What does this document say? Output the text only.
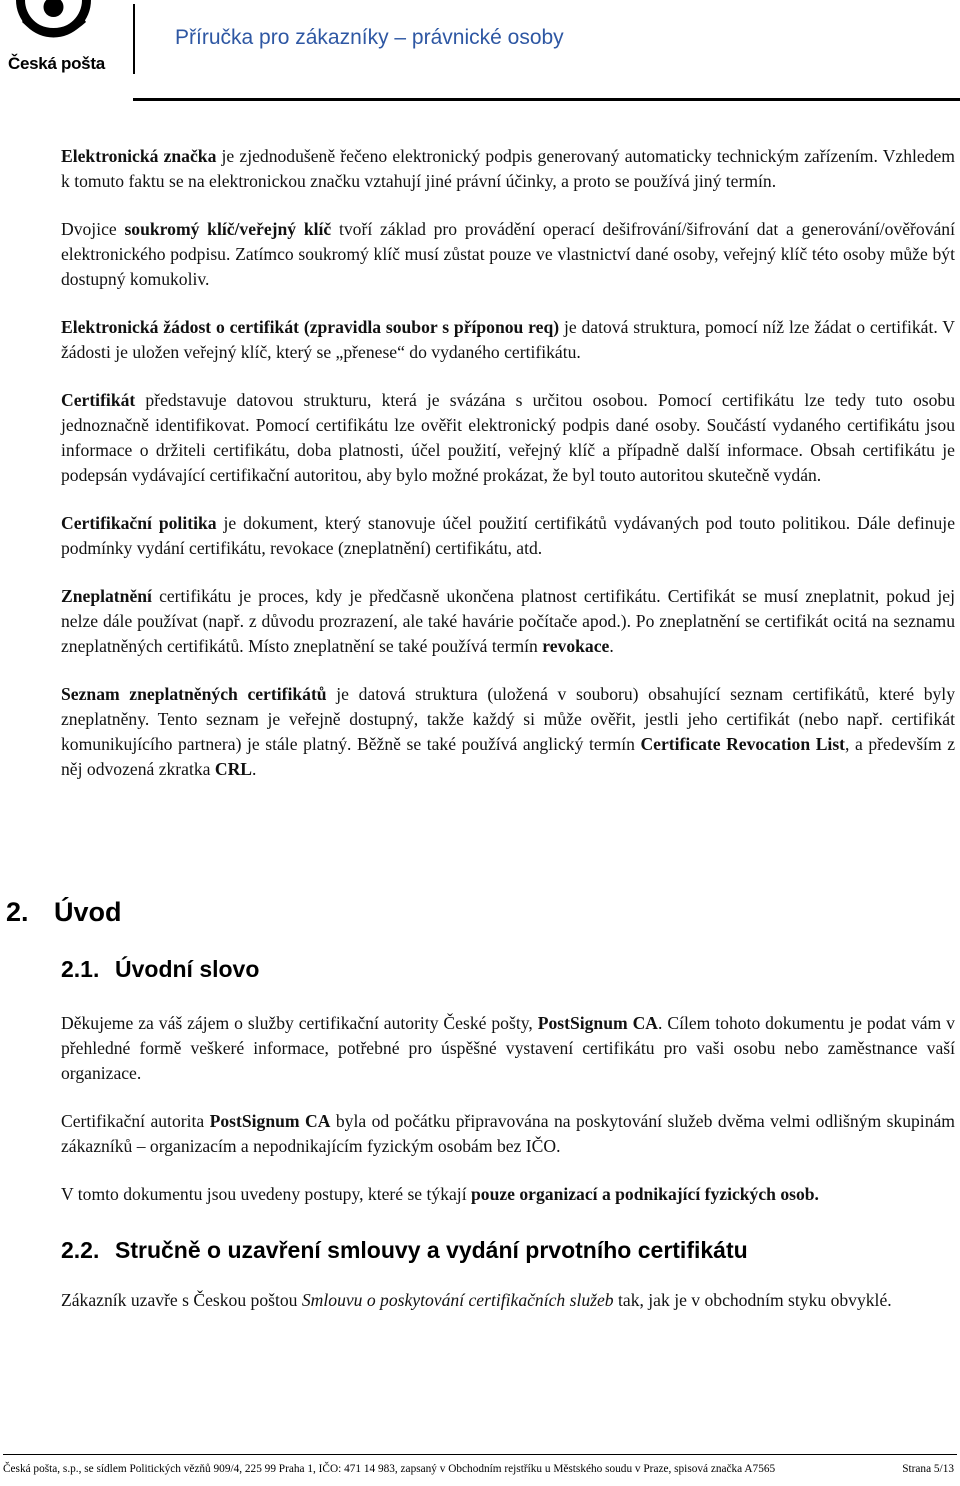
Česká pošta
Příručka pro zákazníky – právnické osoby

Elektronická značka je zjednodušeně řečeno elektronický podpis generovaný automaticky technickým zařízením. Vzhledem k tomuto faktu se na elektronickou značku vztahují jiné právní účinky, a proto se používá jiný termín.

Dvojice soukromý klíč/veřejný klíč tvoří základ pro provádění operací dešifrování/šifrování dat a generování/ověřování elektronického podpisu. Zatímco soukromý klíč musí zůstat pouze ve vlastnictví dané osoby, veřejný klíč této osoby může být dostupný komukoliv.

Elektronická žádost o certifikát (zpravidla soubor s příponou req) je datová struktura, pomocí níž lze žádat o certifikát. V žádosti je uložen veřejný klíč, který se „přenese“ do vydaného certifikátu.

Certifikát představuje datovou strukturu, která je svázána s určitou osobou. Pomocí certifikátu lze tedy tuto osobu jednoznačně identifikovat. Pomocí certifikátu lze ověřit elektronický podpis dané osoby. Součástí vydaného certifikátu jsou informace o držiteli certifikátu, doba platnosti, účel použití, veřejný klíč a případně další informace. Obsah certifikátu je podepsán vydávající certifikační autoritou, aby bylo možné prokázat, že byl touto autoritou skutečně vydán.

Certifikační politika je dokument, který stanovuje účel použití certifikátů vydávaných pod touto politikou. Dále definuje podmínky vydání certifikátu, revokace (zneplatnění) certifikátu, atd.

Zneplatnění certifikátu je proces, kdy je předčasně ukončena platnost certifikátu. Certifikát se musí zneplatnit, pokud jej nelze dále používat (např. z důvodu prozrazení, ale také havárie počítače apod.). Po zneplatnění se certifikát ocitá na seznamu zneplatněných certifikátů. Místo zneplatnění se také používá termín revokace.

Seznam zneplatněných certifikátů je datová struktura (uložená v souboru) obsahující seznam certifikátů, které byly zneplatněny. Tento seznam je veřejně dostupný, takže každý si může ověřit, jestli jeho certifikát (nebo např. certifikát komunikujícího partnera) je stále platný. Běžně se také používá anglický termín Certificate Revocation List, a především z něj odvozená zkratka CRL.

2. Úvod
2.1. Úvodní slovo

Děkujeme za váš zájem o služby certifikační autority České pošty, PostSignum CA. Cílem tohoto dokumentu je podat vám v přehledné formě veškeré informace, potřebné pro úspěšné vystavení certifikátu pro vaši osobu nebo zaměstnance vaší organizace.

Certifikační autorita PostSignum CA byla od počátku připravována na poskytování služeb dvěma velmi odlišným skupinám zákazníků – organizacím a nepodnikajícím fyzickým osobám bez IČO.

V tomto dokumentu jsou uvedeny postupy, které se týkají pouze organizací a podnikající fyzických osob.

2.2. Stručně o uzavření smlouvy a vydání prvotního certifikátu

Zákazník uzavře s Českou poštou Smlouvu o poskytování certifikačních služeb tak, jak je v obchodním styku obvyklé.

Česká pošta, s.p., se sídlem Politických vězňů 909/4, 225 99 Praha 1, IČO: 471 14 983, zapsaný v Obchodním rejstříku u Městského soudu v Praze, spisová značka A7565	Strana 5/13
